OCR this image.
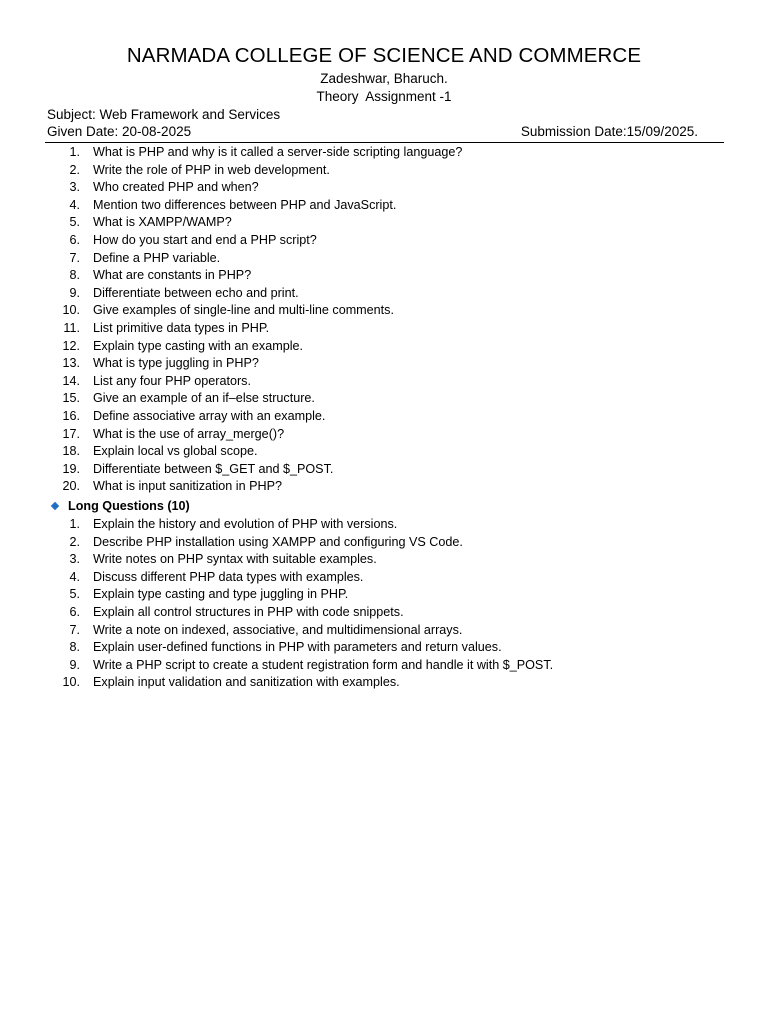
NARMADA COLLEGE OF SCIENCE AND COMMERCE
Zadeshwar, Bharuch.
Theory  Assignment -1
Subject: Web Framework and Services
Given Date: 20-08-2025	Submission Date:15/09/2025.
1. What is PHP and why is it called a server-side scripting language?
2. Write the role of PHP in web development.
3. Who created PHP and when?
4. Mention two differences between PHP and JavaScript.
5. What is XAMPP/WAMP?
6. How do you start and end a PHP script?
7. Define a PHP variable.
8. What are constants in PHP?
9. Differentiate between echo and print.
10. Give examples of single-line and multi-line comments.
11. List primitive data types in PHP.
12. Explain type casting with an example.
13. What is type juggling in PHP?
14. List any four PHP operators.
15. Give an example of an if–else structure.
16. Define associative array with an example.
17. What is the use of array_merge()?
18. Explain local vs global scope.
19. Differentiate between $_GET and $_POST.
20. What is input sanitization in PHP?
Long Questions (10)
1. Explain the history and evolution of PHP with versions.
2. Describe PHP installation using XAMPP and configuring VS Code.
3. Write notes on PHP syntax with suitable examples.
4. Discuss different PHP data types with examples.
5. Explain type casting and type juggling in PHP.
6. Explain all control structures in PHP with code snippets.
7. Write a note on indexed, associative, and multidimensional arrays.
8. Explain user-defined functions in PHP with parameters and return values.
9. Write a PHP script to create a student registration form and handle it with $_POST.
10. Explain input validation and sanitization with examples.
